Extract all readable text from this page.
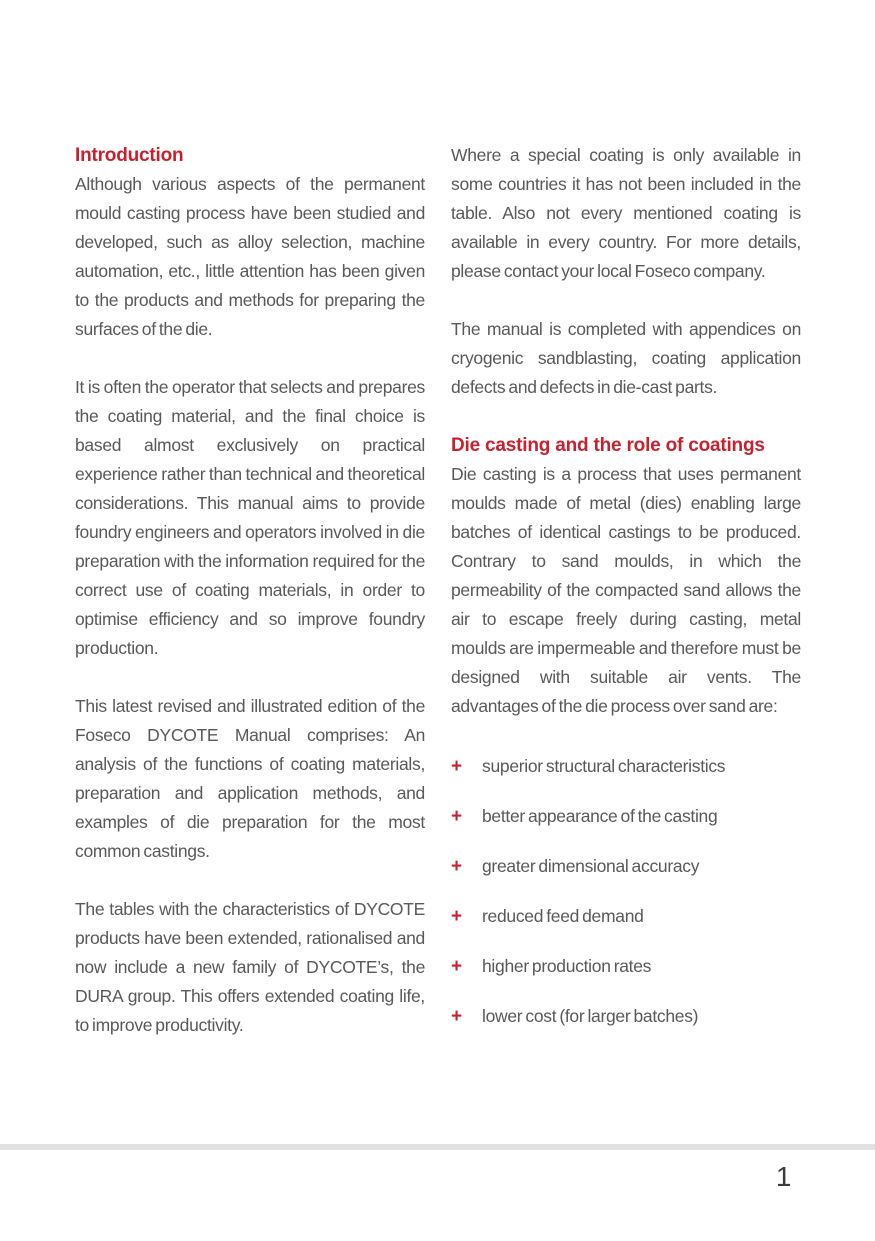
Introduction

Although various aspects of the permanent mould casting process have been studied and developed, such as alloy selection, machine automation, etc., little attention has been given to the products and methods for preparing the surfaces of the die.

It is often the operator that selects and prepares the coating material, and the final choice is based almost exclusively on practical experience rather than technical and theoretical considerations. This manual aims to provide foundry engineers and operators involved in die preparation with the information required for the correct use of coating materials, in order to optimise efficiency and so improve foundry production.

This latest revised and illustrated edition of the Foseco DYCOTE Manual comprises: An analysis of the functions of coating materials, preparation and application methods, and examples of die preparation for the most common castings.

The tables with the characteristics of DYCOTE products have been extended, rationalised and now include a new family of DYCOTE’s, the DURA group. This offers extended coating life, to improve productivity.

Where a special coating is only available in some countries it has not been included in the table. Also not every mentioned coating is available in every country. For more details, please contact your local Foseco company.

The manual is completed with appendices on cryogenic sandblasting, coating application defects and defects in die-cast parts.

Die casting and the role of coatings

Die casting is a process that uses permanent moulds made of metal (dies) enabling large batches of identical castings to be produced. Contrary to sand moulds, in which the permeability of the compacted sand allows the air to escape freely during casting, metal moulds are impermeable and therefore must be designed with suitable air vents. The advantages of the die process over sand are:

+	superior structural characteristics
+	better appearance of the casting
+	greater dimensional accuracy
+	reduced feed demand
+	higher production rates
+	lower cost (for larger batches)
1
